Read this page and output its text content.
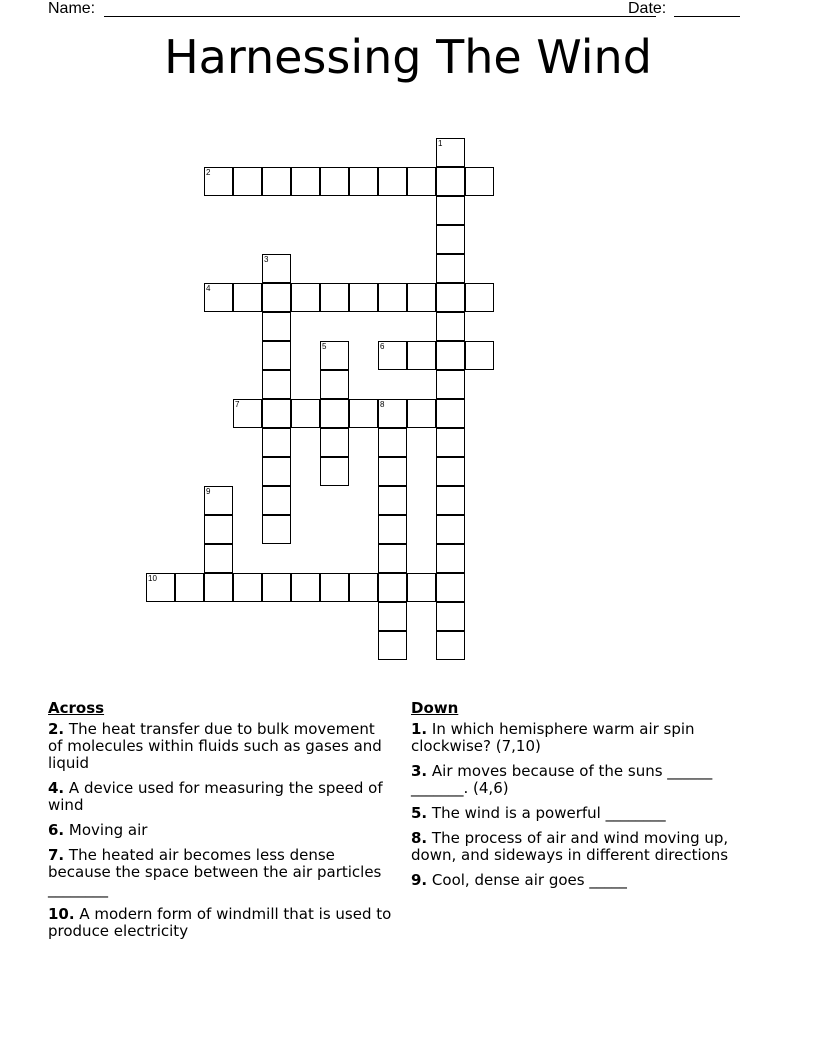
Name:	Date:
Harnessing The Wind
1
2
3
4
5	6
7	8
9
10
Across
2. The heat transfer due to bulk movement of molecules within fluids such as gases and liquid
4. A device used for measuring the speed of wind
6. Moving air
7. The heated air becomes less dense because the space between the air particles ________
10. A modern form of windmill that is used to produce electricity
Down
1. In which hemisphere warm air spin clockwise? (7,10)
3. Air moves because of the suns ______ _______. (4,6)
5. The wind is a powerful ________
8. The process of air and wind moving up, down, and sideways in different directions
9. Cool, dense air goes _____
